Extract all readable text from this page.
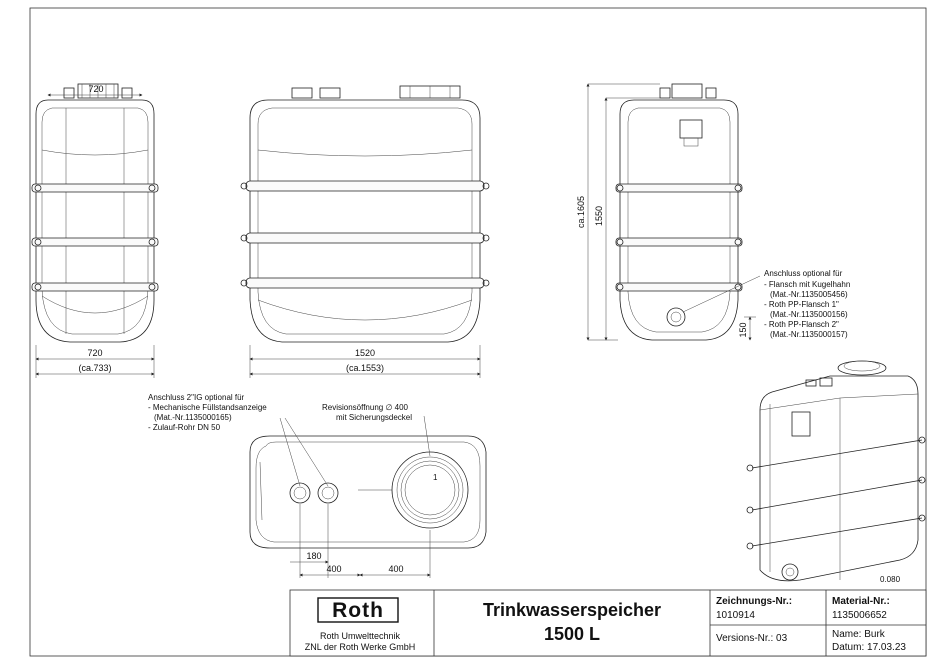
720
720
(ca.733)
1520
(ca.1553)
ca.1605 1550
150
Anschluss optional für - Flansch mit Kugelhahn (Mat.-Nr.1135005456) - Roth PP-Flansch 1" (Mat.-Nr.1135000156) - Roth PP-Flansch 2" (Mat.-Nr.1135000157)
1
Anschluss 2"IG optional für - Mechanische Füllstandsanzeige (Mat.-Nr.1135000165) - Zulauf-Rohr DN 50
Revisionsöffnung ∅ 400 mit Sicherungsdeckel
180
400	400
0.080
Roth
Roth Umwelttechnik
ZNL der Roth Werke GmbH
Trinkwasserspeicher
1500 L
Zeichnungs-Nr.:
1010914
Material-Nr.:
1135006652
Versions-Nr.: 03	Name: Burk
Datum: 17.03.23
